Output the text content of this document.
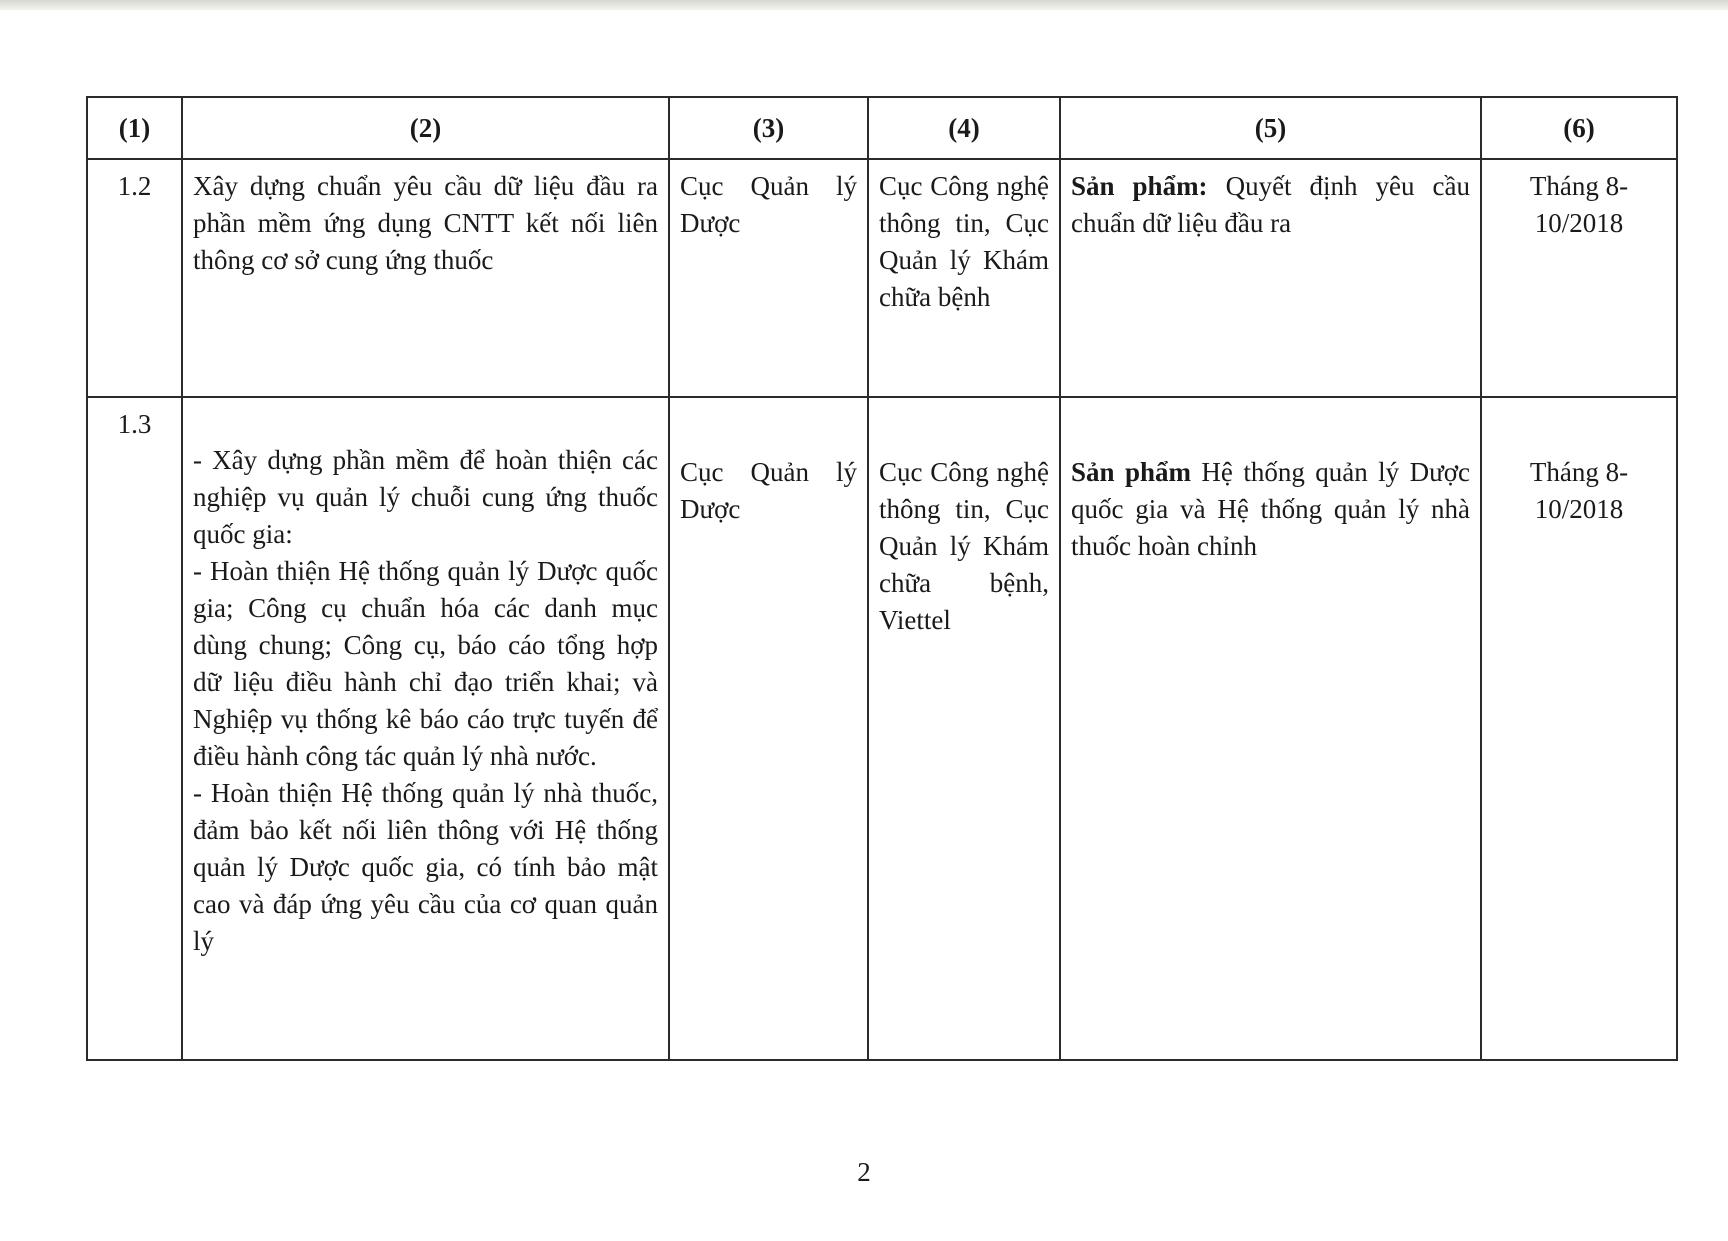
(1)	(2)	(3)	(4)	(5)	(6)
1.2	Xây dựng chuẩn yêu cầu dữ liệu đầu ra phần mềm ứng dụng CNTT kết nối liên thông cơ sở cung ứng thuốc	Cục Quản lý Dược	Cục Công nghệ thông tin, Cục Quản lý Khám chữa bệnh	Sản phẩm: Quyết định yêu cầu chuẩn dữ liệu đầu ra	Tháng 8-10/2018
1.3	- Xây dựng phần mềm để hoàn thiện các nghiệp vụ quản lý chuỗi cung ứng thuốc quốc gia:
- Hoàn thiện Hệ thống quản lý Dược quốc gia; Công cụ chuẩn hóa các danh mục dùng chung; Công cụ, báo cáo tổng hợp dữ liệu điều hành chỉ đạo triển khai; và Nghiệp vụ thống kê báo cáo trực tuyến để điều hành công tác quản lý nhà nước.
- Hoàn thiện Hệ thống quản lý nhà thuốc, đảm bảo kết nối liên thông với Hệ thống quản lý Dược quốc gia, có tính bảo mật cao và đáp ứng yêu cầu của cơ quan quản lý	Cục Quản lý Dược	Cục Công nghệ thông tin, Cục Quản lý Khám chữa bệnh, Viettel	Sản phẩm Hệ thống quản lý Dược quốc gia và Hệ thống quản lý nhà thuốc hoàn chỉnh	Tháng 8-10/2018
2
